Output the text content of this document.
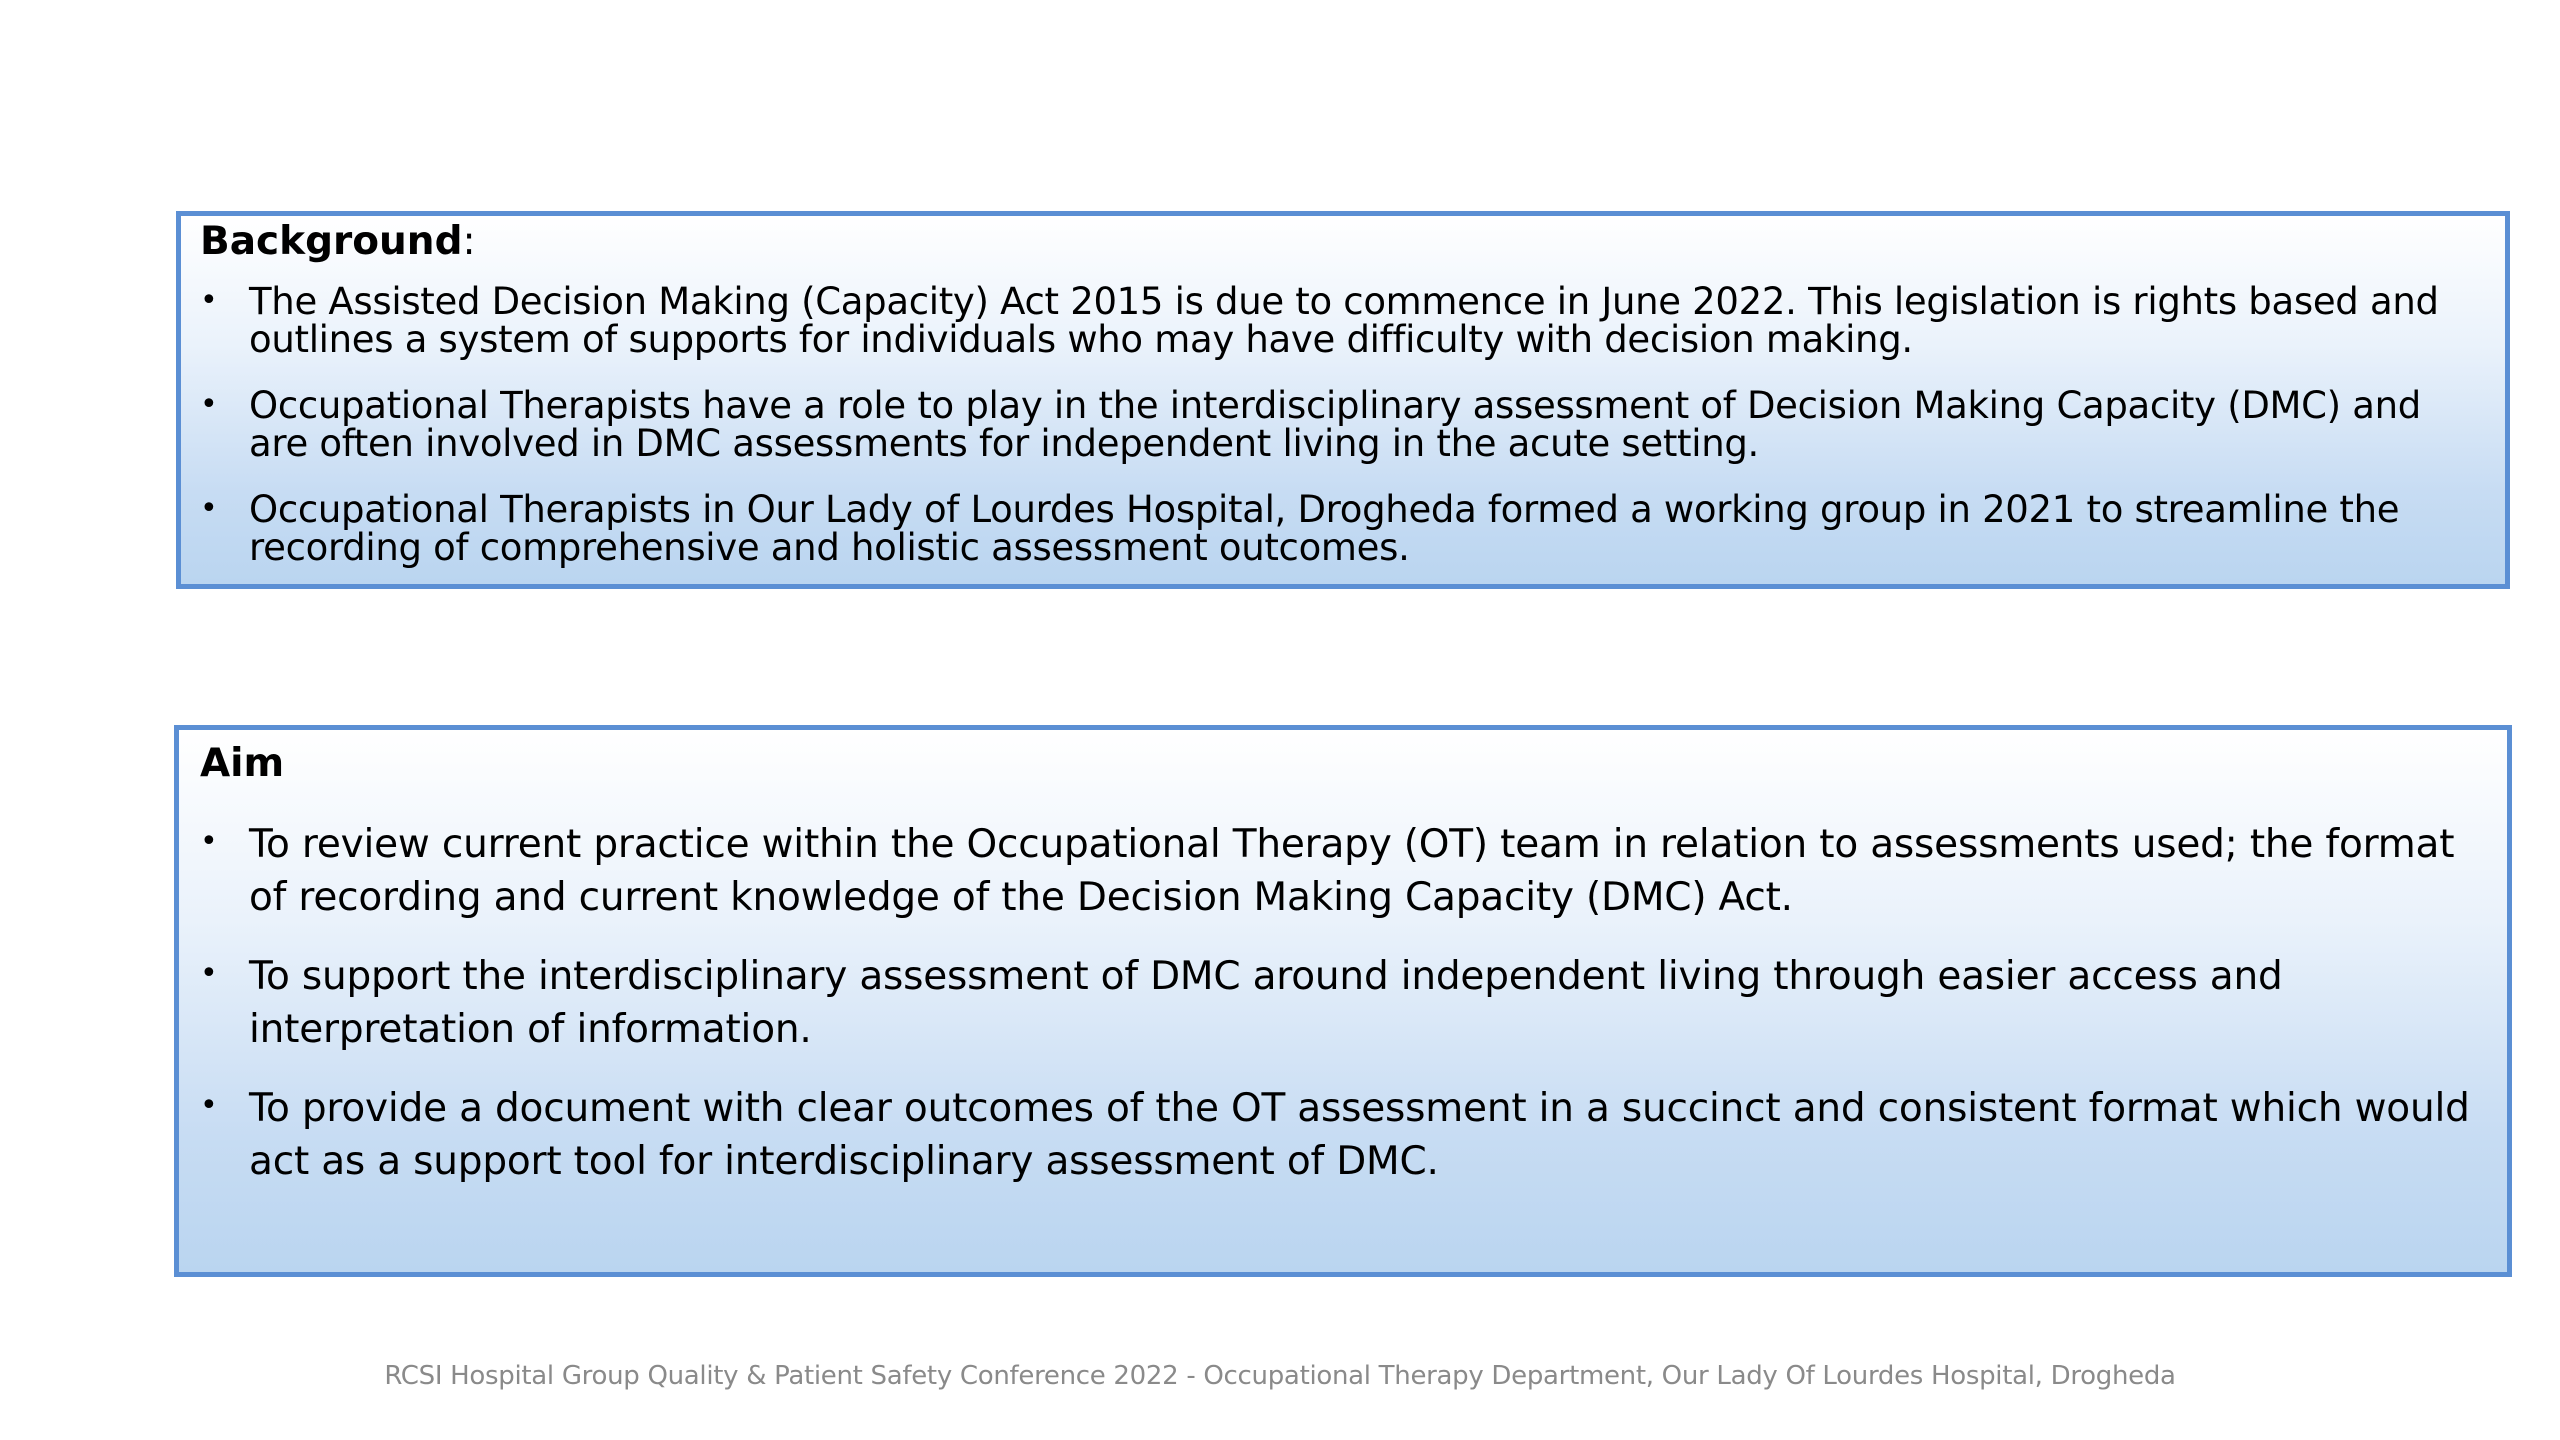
Background:
• The Assisted Decision Making (Capacity) Act 2015 is due to commence in June 2022. This legislation is rights based and outlines a system of supports for individuals who may have difficulty with decision making.
• Occupational Therapists have a role to play in the interdisciplinary assessment of Decision Making Capacity (DMC) and are often involved in DMC assessments for independent living in the acute setting.
• Occupational Therapists in Our Lady of Lourdes Hospital, Drogheda formed a working group in 2021 to streamline the recording of comprehensive and holistic assessment outcomes.
Aim
• To review current practice within the Occupational Therapy (OT) team in relation to assessments used; the format of recording and current knowledge of the Decision Making Capacity (DMC) Act.
• To support the interdisciplinary assessment of DMC around independent living through easier access and interpretation of information.
• To provide a document with clear outcomes of the OT assessment in a succinct and consistent format which would act as a support tool for interdisciplinary assessment of DMC.
RCSI Hospital Group Quality & Patient Safety Conference 2022 - Occupational Therapy Department, Our Lady Of Lourdes Hospital, Drogheda
